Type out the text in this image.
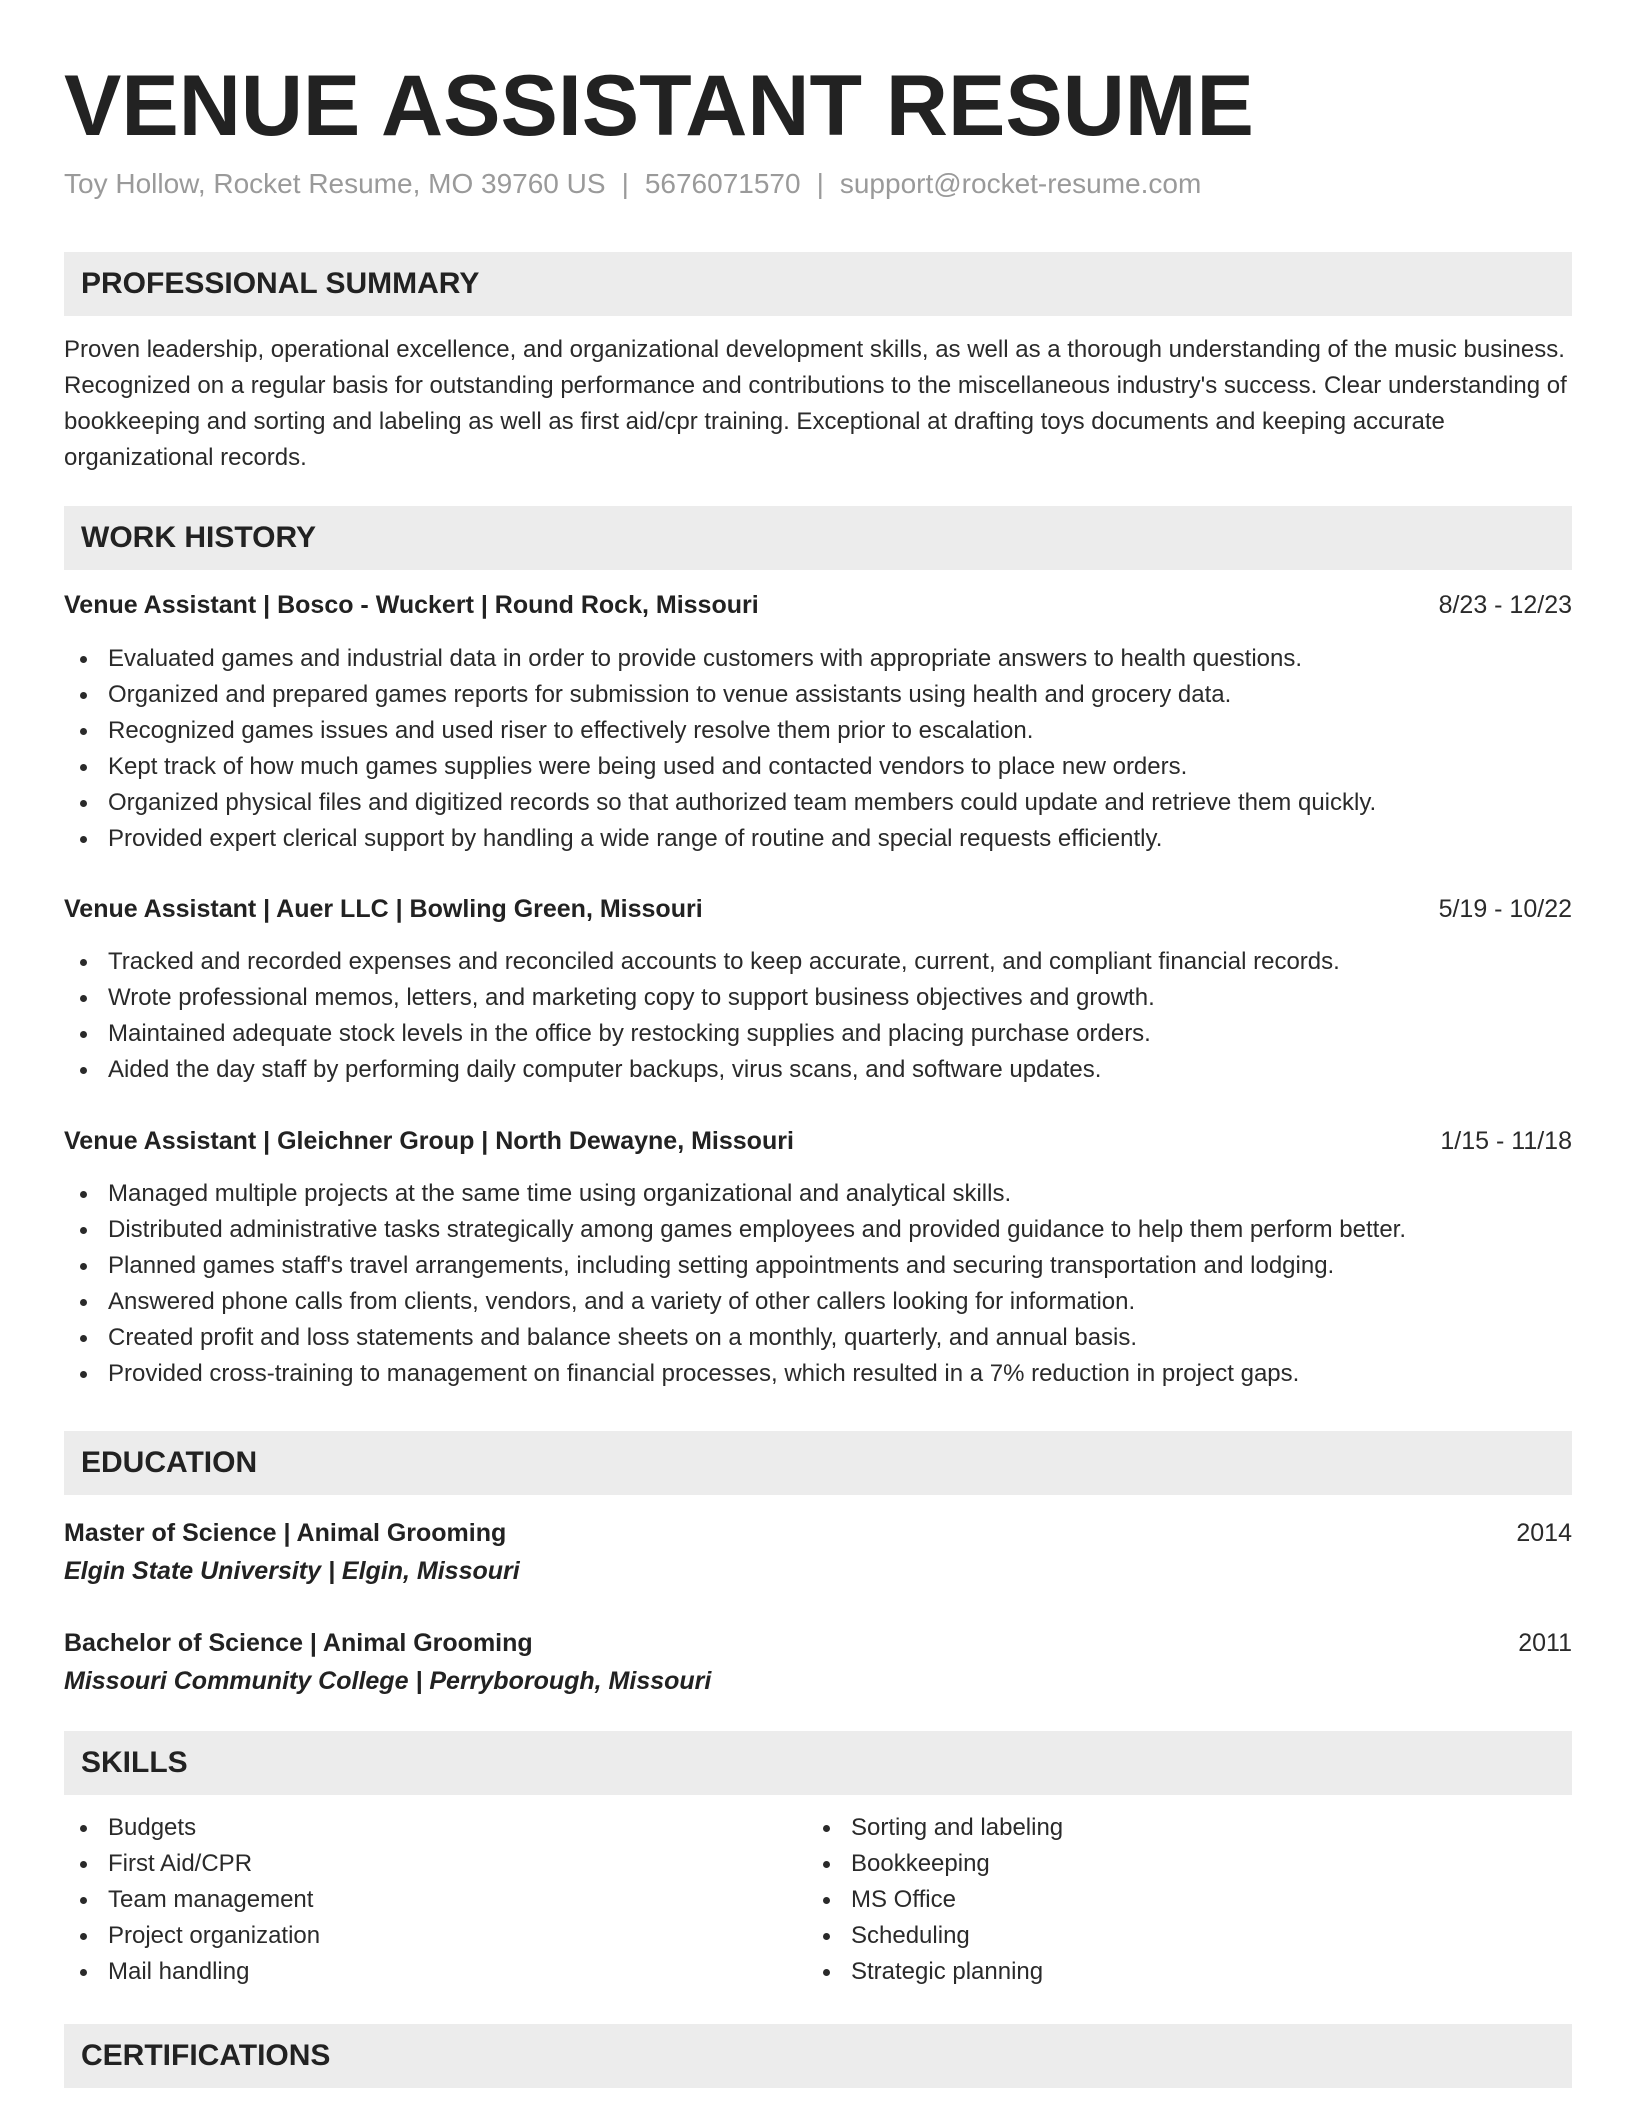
VENUE ASSISTANT RESUME
Toy Hollow, Rocket Resume, MO 39760 US | 5676071570 | support@rocket-resume.com
PROFESSIONAL SUMMARY

Proven leadership, operational excellence, and organizational development skills, as well as a thorough understanding of the music business. Recognized on a regular basis for outstanding performance and contributions to the miscellaneous industry's success. Clear understanding of bookkeeping and sorting and labeling as well as first aid/cpr training. Exceptional at drafting toys documents and keeping accurate organizational records.

WORK HISTORY
Venue Assistant | Bosco - Wuckert | Round Rock, Missouri	8/23 - 12/23
Evaluated games and industrial data in order to provide customers with appropriate answers to health questions.
Organized and prepared games reports for submission to venue assistants using health and grocery data.
Recognized games issues and used riser to effectively resolve them prior to escalation.
Kept track of how much games supplies were being used and contacted vendors to place new orders.
Organized physical files and digitized records so that authorized team members could update and retrieve them quickly.
Provided expert clerical support by handling a wide range of routine and special requests efficiently.
Venue Assistant | Auer LLC | Bowling Green, Missouri	5/19 - 10/22
Tracked and recorded expenses and reconciled accounts to keep accurate, current, and compliant financial records.
Wrote professional memos, letters, and marketing copy to support business objectives and growth.
Maintained adequate stock levels in the office by restocking supplies and placing purchase orders.
Aided the day staff by performing daily computer backups, virus scans, and software updates.
Venue Assistant | Gleichner Group | North Dewayne, Missouri	1/15 - 11/18
Managed multiple projects at the same time using organizational and analytical skills.
Distributed administrative tasks strategically among games employees and provided guidance to help them perform better.
Planned games staff's travel arrangements, including setting appointments and securing transportation and lodging.
Answered phone calls from clients, vendors, and a variety of other callers looking for information.
Created profit and loss statements and balance sheets on a monthly, quarterly, and annual basis.
Provided cross-training to management on financial processes, which resulted in a 7% reduction in project gaps.
EDUCATION
Master of Science | Animal Grooming	2014
Elgin State University | Elgin, Missouri
Bachelor of Science | Animal Grooming	2011
Missouri Community College | Perryborough, Missouri
SKILLS
Budgets
First Aid/CPR
Team management
Project organization
Mail handling
Sorting and labeling
Bookkeeping
MS Office
Scheduling
Strategic planning
CERTIFICATIONS
